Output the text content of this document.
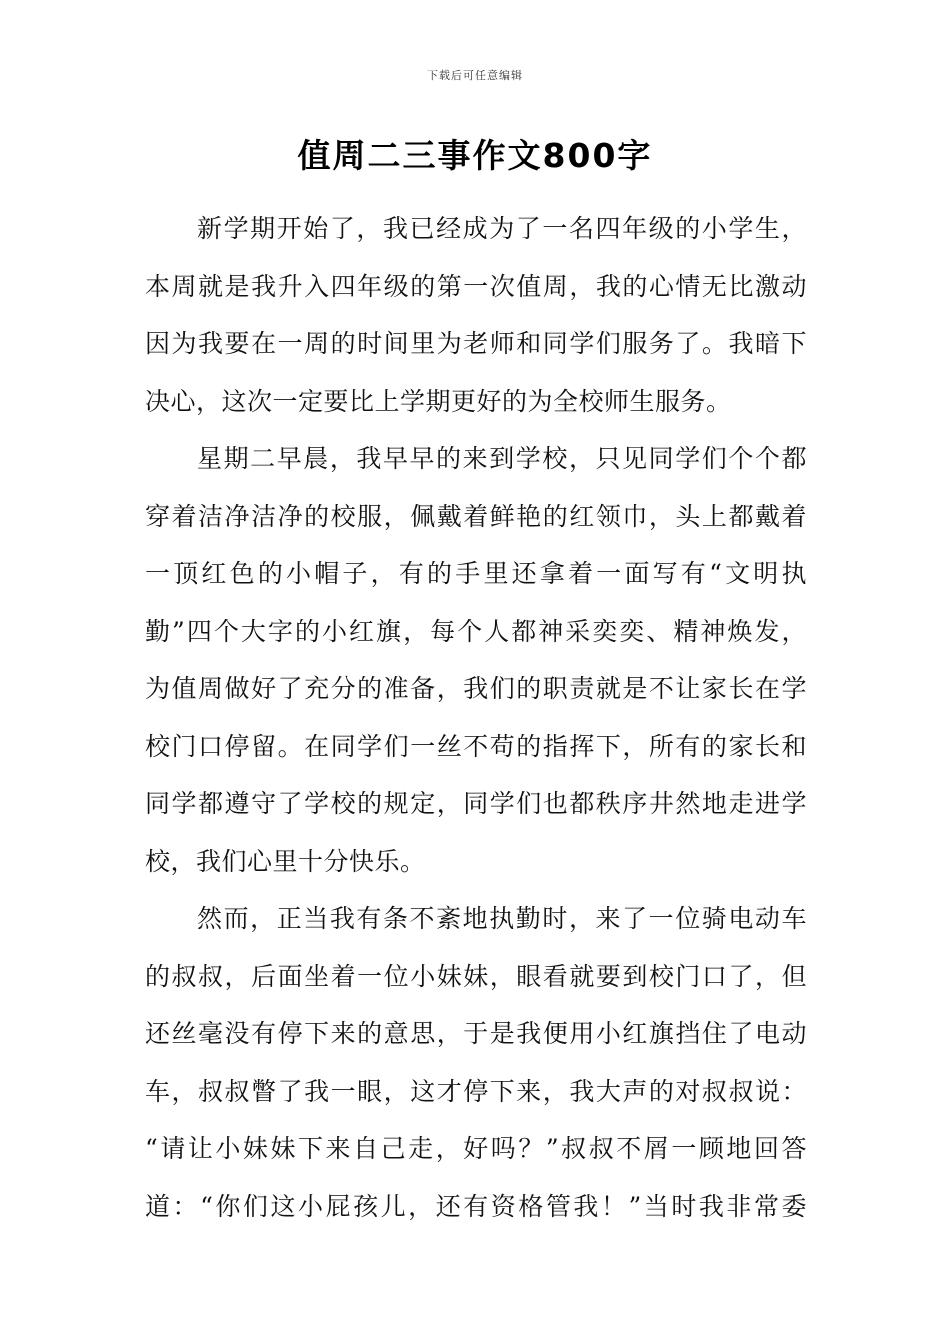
下载后可任意编辑
值周二三事作文800字
新学期开始了，我已经成为了一名四年级的小学生，
本周就是我升入四年级的第一次值周，我的心情无比激动
因为我要在一周的时间里为老师和同学们服务了。我暗下
决心，这次一定要比上学期更好的为全校师生服务。
星期二早晨，我早早的来到学校，只见同学们个个都
穿着洁净洁净的校服，佩戴着鲜艳的红领巾，头上都戴着
一顶红色的小帽子，有的手里还拿着一面写有“文明执
勤”四个大字的小红旗，每个人都神采奕奕、精神焕发，
为值周做好了充分的准备，我们的职责就是不让家长在学
校门口停留。在同学们一丝不苟的指挥下，所有的家长和
同学都遵守了学校的规定，同学们也都秩序井然地走进学
校，我们心里十分快乐。
然而，正当我有条不紊地执勤时，来了一位骑电动车
的叔叔，后面坐着一位小妹妹，眼看就要到校门口了，但
还丝毫没有停下来的意思，于是我便用小红旗挡住了电动
车，叔叔瞥了我一眼，这才停下来，我大声的对叔叔说：
“请让小妹妹下来自己走，好吗？”叔叔不屑一顾地回答
道：“你们这小屁孩儿，还有资格管我！”当时我非常委
